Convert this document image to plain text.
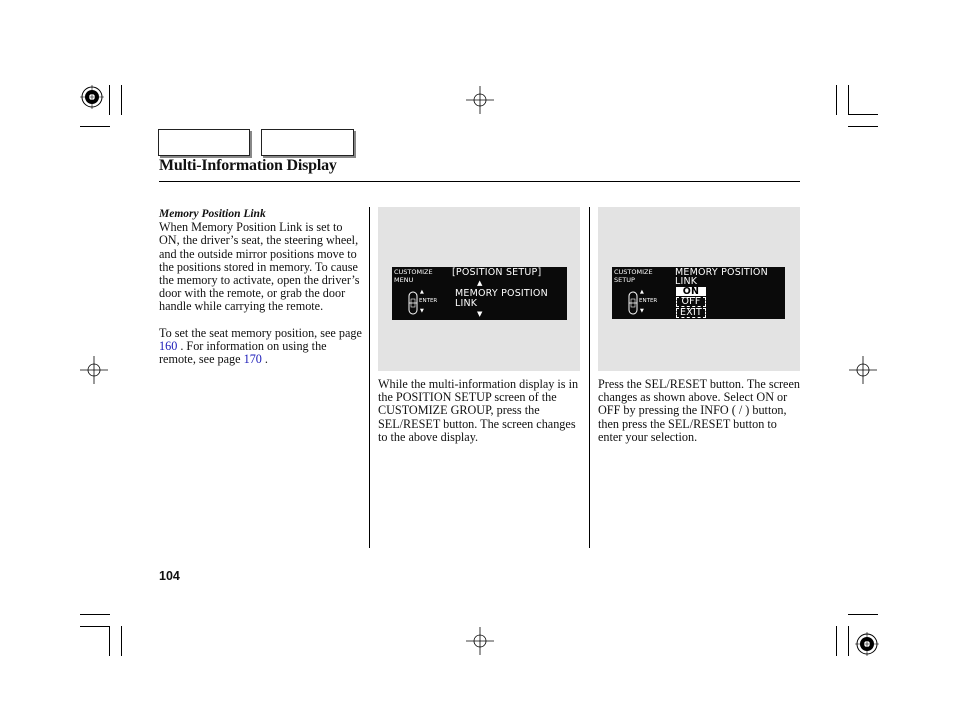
Multi-Information Display

Memory Position Link

When Memory Position Link is set to ON, the driver’s seat, the steering wheel, and the outside mirror positions move to the positions stored in memory. To cause the memory to activate, open the driver’s door with the remote, or grab the door handle while carrying the remote.

To set the seat memory position, see page 160 . For information on using the remote, see page 170 .

CUSTOMIZE
MENU
▲
ENTER
▼
[POSITION SETUP]
▲
MEMORY POSITION
LINK
▼
CUSTOMIZE
SETUP
▲
ENTER
▼
MEMORY POSITION
LINK
ON
OFF
EXIT

While the multi-information display is in the POSITION SETUP screen of the CUSTOMIZE GROUP, press the SEL/RESET button. The screen changes to the above display.

Press the SEL/RESET button. The screen changes as shown above. Select ON or OFF by pressing the INFO ( / ) button, then press the SEL/RESET button to enter your selection.

104
